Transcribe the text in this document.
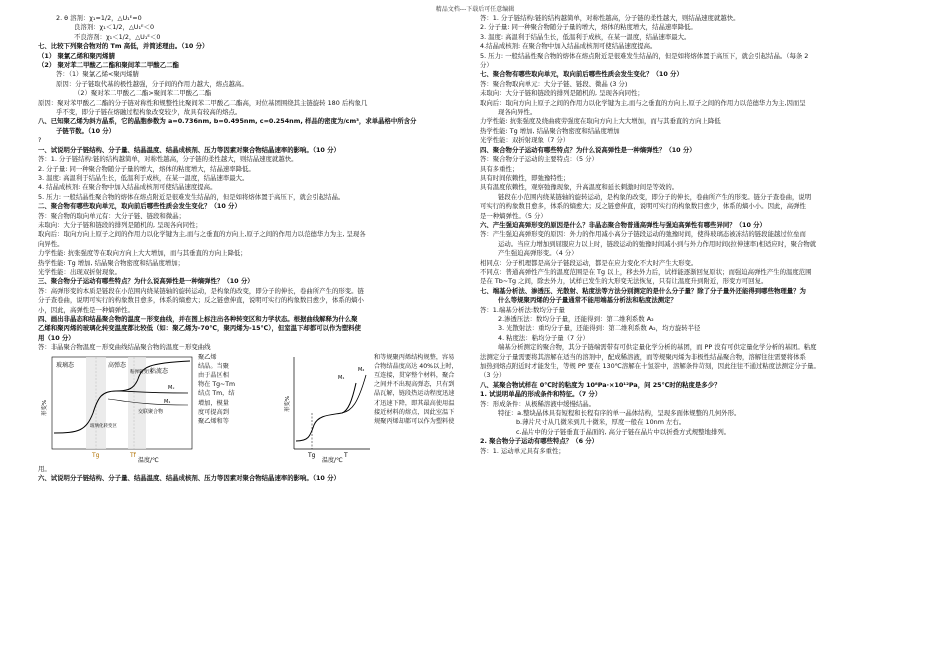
精品文档---下载后可任意编辑
2. θ 溶剂：χ₁=1/2，△U₁ᴱ=0
良溶剂：χ₁＜1/2，△U₁ᴱ＜0
不良溶剂：χ₁＜1/2，△U₁ᴱ＜0
七、比较下列聚合物对的 Tm 高低，并简述理由。（10 分）
（1） 聚氯乙烯和聚丙烯腈
（2） 聚对苯二甲酸乙二酯和聚间苯二甲酸乙二酯
答：（1）聚氯乙烯<聚丙烯腈
原因：分子链取代基的极性越强，分子间的作用力越大，熔点越高。
（2）聚对苯二甲酸乙二酯>聚间苯二甲酸乙二酯
原因：聚对苯甲酸乙二酯的分子链对称性和规整性比聚间苯二甲酸乙二酯高，对位基团围绕其主链旋转 180 后构象几
乎不变，即分子链在熔融过程构象改变较少，故具有较高的熔点。
八、已知聚乙烯为斜方晶系，它的晶胞参数为 a=0.736nm, b=0.495nm, c=0.254nm, 样品的密度为/cm³，求单晶格中所含分
子链节数。（10 分）
?
一、试说明分子链结构、分子量、结晶温度、结晶成核剂、压力等因素对聚合物结晶速率的影响。（10 分）
答：1. 分子链结构:链的结构越简单，对称性越高，分子链的柔性越大，则结晶速度就越快。
2. 分子量: 同一种聚合物随分子量的增大，熔体的粘度增大，结晶速率降低。
3. 温度: 高温利于结晶生长，低温利于成核，在某一温度，结晶速率最大。
4. 结晶成核剂: 在聚合物中加入结晶成核剂可使结晶速度提高。
5. 压力: 一般结晶性聚合物的熔体在熔点附近是很难发生结晶的，但是如将熔体置于高压下，就会引起结晶。
二、聚合物有哪些取向单元，取向前后哪些性质会发生变化？（10 分）
答：聚合物的取向单元有：大分子链、链段和微晶；
未取向：大分子链和链段的排列是随机的, 呈现各向同性；
取向后：取向方向上原子之间的作用力以化学键为主,而与之垂直的方向上,原子之间的作用力以范德华力为主, 呈现各
向异性。
力学性能: 抗张强度等在取向方向上大大增加，而与其垂直的方向上降低；
热学性能: Tg 增加, 结晶聚合物密度和结晶度增加；
光学性能：出现双折射现象。
三、聚合物分子运动有哪些特点？为什么说高弹性是一种熵弹性？（10 分）
答：高弹形变的本质是链段在小范围内绕某链轴的旋转运动，是构象的改变，即分子的伸长，卷曲所产生的形变。链
分子查卷曲，说明可实行的构象数目愈多，体系的熵愈大；反之链愈伸直，说明可实行的构象数目愈少，体系的熵小
小，因此，高弹性是一种熵弹性。
四、画出非晶态和结晶聚合物的温度－形变曲线，并在图上标注出各种转变区和力学状态。根据曲线解释为什么聚
乙烯和聚丙烯的玻璃化转变温度都比较低（如：聚乙烯为-70℃，聚丙烯为-15℃），但室温下却都可以作为塑料使
用（10 分）
答：非晶聚合物温度－形变曲线结晶聚合物的温度－形变曲线
形变%
玻璃态	高弹态
粘流态
玻璃化转变区
粘弹转变区
Mₓ
M₁
交联聚合物
Tg	Tf
温度/℃
聚乙烯
结晶。当聚
由于晶区相
物在 Tg~Tm
结点 Tm，结
增加，模量
度可提高到
聚乙烯和等
形变%
M₁
M₂
Tg	T
温度/℃
和等规聚丙烯结构规整，容易
合物结晶度高达 40%以上时，
互连接，贯穿整个材料，聚合
之间并不出现高弹态，只有到
晶瓦解，链段热运动程度迅速
才迅速下降，即其最高使用温
接近材料的熔点，因此室温下
规聚丙烯却都可以作为塑料使
用。
六、试说明分子链结构、分子量、结晶温度、结晶成核剂、压力等因素对聚合物结晶速率的影响。（10 分）
答：1. 分子链结构:链的结构越简单，对称性越高，分子链的柔性越大，则结晶速度就越快。
2. 分子量: 同一种聚合物随分子量的增大，熔体的粘度增大，结晶速率降低。
3. 温度: 高温利于结晶生长，低温利于成核，在某一温度，结晶速率最大。
4.结晶成核剂: 在聚合物中加入结晶成核剂可使结晶速度提高。
5. 压力: 一般结晶性聚合物的熔体在熔点附近是很难发生结晶的，但是如将熔体置于高压下，就会引起结晶。（每条 2
分）
七、聚合物有哪些取向单元，取向前后哪些性质会发生变化？（10 分）
答：聚合物取向单元：大分子链、链段、微晶 (3 分)
未取向：大分子链和链段的排列是随机的, 呈现各向同性；
取向后：取向方向上原子之间的作用力以化学键为主,而与之垂直的方向上,原子之间的作用力以范德华力为主,因而呈
现各向异性。
力学性能: 抗张强度及绕曲疲劳强度在取向方向上大大增加，而与其垂直的方向上降低
热学性能: Tg 增加, 结晶聚合物密度和结晶度增加
光学性能：双折射现象（7 分）
四、聚合物分子运动有哪些特点？为什么说高弹性是一种熵弹性？（10 分）
答：聚合物分子运动的主要特点：（5 分）
具有多重性；
具有时间依赖性，即弛豫特性；
具有温度依赖性，观察弛豫现象，升高温度和延长刺激时间是等效的。
链段在小范围内绕某链轴的旋转运动，是构象的改变，即分子的伸长，卷曲所产生的形变。链分子查卷曲，说明
可实行的构象数目愈多，体系的熵愈大；反之链愈伸直，说明可实行的构象数目愈少，体系的熵小小。因此，高弹性
是一种熵弹性。（5 分）
六、产生强迫高弹形变的原因是什么？非晶态聚合物普通高弹性与强迫高弹性有哪些异同？（10 分）
答：产生强迫高弹形变的原因：外力的作用减小高分子链段运动的弛豫时间，使得玻璃态被冻结的链段能越过位垒而
运动。当应力增加到屈服应力以上时，链段运动的弛豫时间减小到与外力作用时间(拉伸速率)相适应时，聚合物就
产生强迫高弹形变。（4 分）
相同点：分子机理都是高分子链段运动，都是在应力变化不大时产生大形变。
不同点：普通高弹性产生的温度范围是在 Tg 以上，移去外力后，试样能逐渐回复原状；而强迫高弹性产生的温度范围
是在 Tb~Tg 之间，除去外力，试样已发生的大形变无法恢复，只有让温度升到附近，形变方可回复。
七、端基分析法、渗透压、光散射、粘度法等方法分别测定的是什么分子量？除了分子量外还能得到哪些物理量？为
什么等规聚丙烯的分子量通常不能用端基分析法和粘度法测定？
答：1.端基分析法:数均分子量
2.渗透压法：数均分子量，还能得到：第二维利系数 A₂
3. 光散射法：重均分子量，还能得到：第二维利系数 A₂，均方旋转半径
4. 粘度法：粘均分子量（7 分）
端基分析测定的聚合物，其分子链端需带有可供定量化学分析的基团，而 PP 没有可供定量化学分析的基团。粘度
法测定分子量需要将其溶解在适当的溶剂中，配成稀溶液，而等规聚丙烯为非极性结晶聚合物，溶解往往需要将体系
加热到熔点附近时才能发生，等规 PP 要在 130℃溶解在十氢萘中，溶解条件苛刻，因此往往不通过粘度法测定分子量。
（3 分）
八、某聚合物试样在 0℃时的粘度为 10⁸Pa·×10¹²Pa，问 25℃时的粘度是多少？
1. 试说明单晶的形成条件和特征。（7 分）
答：形成条件：从极稀溶液中缓慢结晶。
特征：a.整块晶体具有短程和长程有序的单一晶体结构，呈现多面体规整的几何外形。
b.薄片尺寸从几微米到几十微米，厚度一般在 10nm 左右。
c.晶片中的分子链垂直于晶面的, 高分子链在晶片中以折叠方式规整地排列。
2. 聚合物分子运动有哪些特点？（6 分）
答：1. 运动单元具有多重性；
